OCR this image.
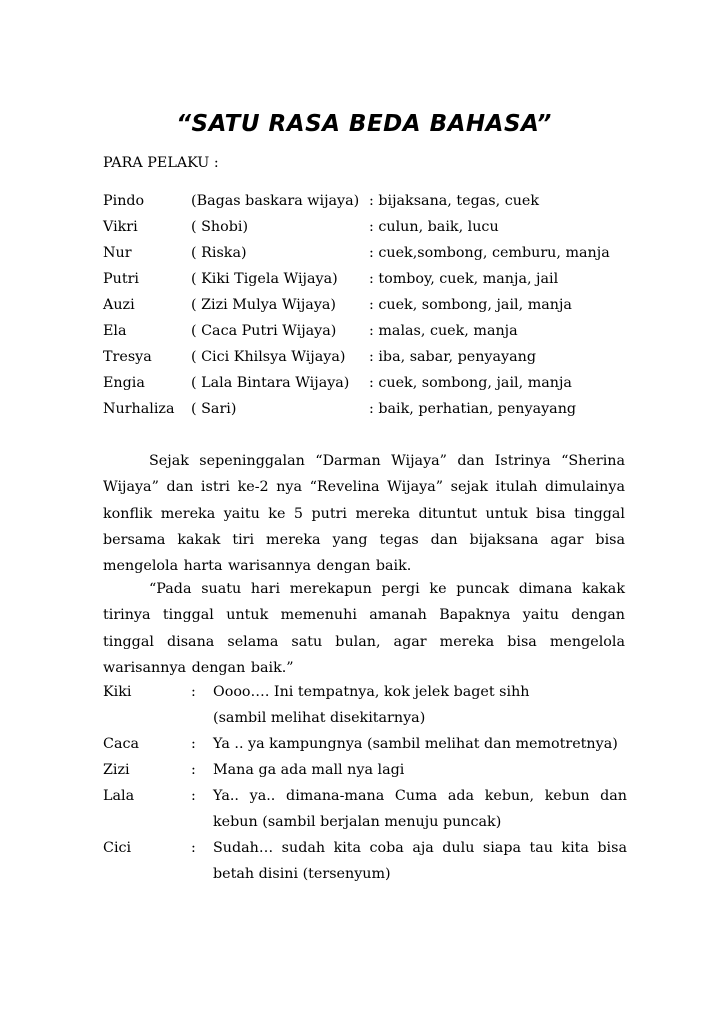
“SATU RASA BEDA BAHASA”
PARA PELAKU :
Pindo	(Bagas baskara wijaya) : bijaksana, tegas, cuek
Vikri	( Shobi)	: culun, baik, lucu
Nur	( Riska)	: cuek,sombong, cemburu, manja
Putri	( Kiki Tigela Wijaya) : tomboy, cuek, manja, jail
Auzi	( Zizi Mulya Wijaya) : cuek, sombong, jail, manja
Ela	( Caca Putri Wijaya) : malas, cuek, manja
Tresya	( Cici Khilsya Wijaya) : iba, sabar, penyayang
Engia	( Lala Bintara Wijaya) : cuek, sombong, jail, manja
Nurhaliza ( Sari)	: baik, perhatian, penyayang
Sejak sepeninggalan “Darman Wijaya” dan Istrinya “Sherina Wijaya” dan istri ke-2 nya “Revelina Wijaya” sejak itulah dimulainya konflik mereka yaitu ke 5 putri mereka dituntut untuk bisa tinggal bersama kakak tiri mereka yang tegas dan bijaksana agar bisa mengelola harta warisannya dengan baik.
“Pada suatu hari merekapun pergi ke puncak dimana kakak tirinya tinggal untuk memenuhi amanah Bapaknya yaitu dengan tinggal disana selama satu bulan, agar mereka bisa mengelola warisannya dengan baik.”
Kiki	: Oooo…. Ini tempatnya, kok jelek baget sihh
(sambil melihat disekitarnya)
Caca	: Ya .. ya kampungnya (sambil melihat dan memotretnya)
Zizi	: Mana ga ada mall nya lagi
Lala	: Ya.. ya.. dimana-mana Cuma ada kebun, kebun dan kebun (sambil berjalan menuju puncak)
Cici	: Sudah… sudah kita coba aja dulu siapa tau kita bisa betah disini (tersenyum)
